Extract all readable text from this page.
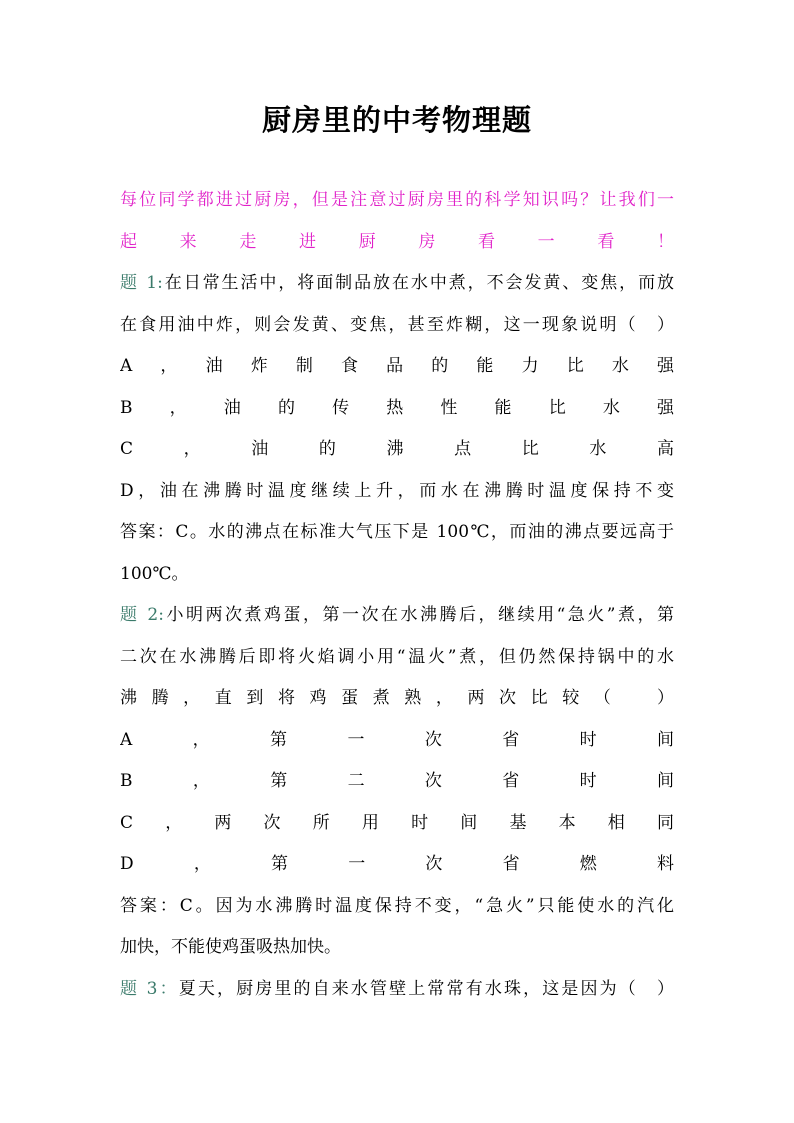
厨房里的中考物理题
每位同学都进过厨房，但是注意过厨房里的科学知识吗？让我们一
起来走进厨房看一看！
题 1:在日常生活中，将面制品放在水中煮，不会发黄、变焦，而放
在食用油中炸，则会发黄、变焦，甚至炸糊，这一现象说明（　）
A，油炸制食品的能力比水强
B，油的传热性能比水强
C，油的沸点比水高
D，油在沸腾时温度继续上升，而水在沸腾时温度保持不变
答案：C。水的沸点在标准大气压下是 100℃，而油的沸点要远高于
100℃。
题 2:小明两次煮鸡蛋，第一次在水沸腾后，继续用“急火”煮，第
二次在水沸腾后即将火焰调小用“温火”煮，但仍然保持锅中的水
沸腾，直到将鸡蛋煮熟，两次比较（　）
A，第一次省时间
B，第二次省时间
C，两次所用时间基本相同
D，第一次省燃料
答案：C。因为水沸腾时温度保持不变，“急火”只能使水的汽化
加快，不能使鸡蛋吸热加快。
题 3：夏天，厨房里的自来水管壁上常常有水珠，这是因为（　）
